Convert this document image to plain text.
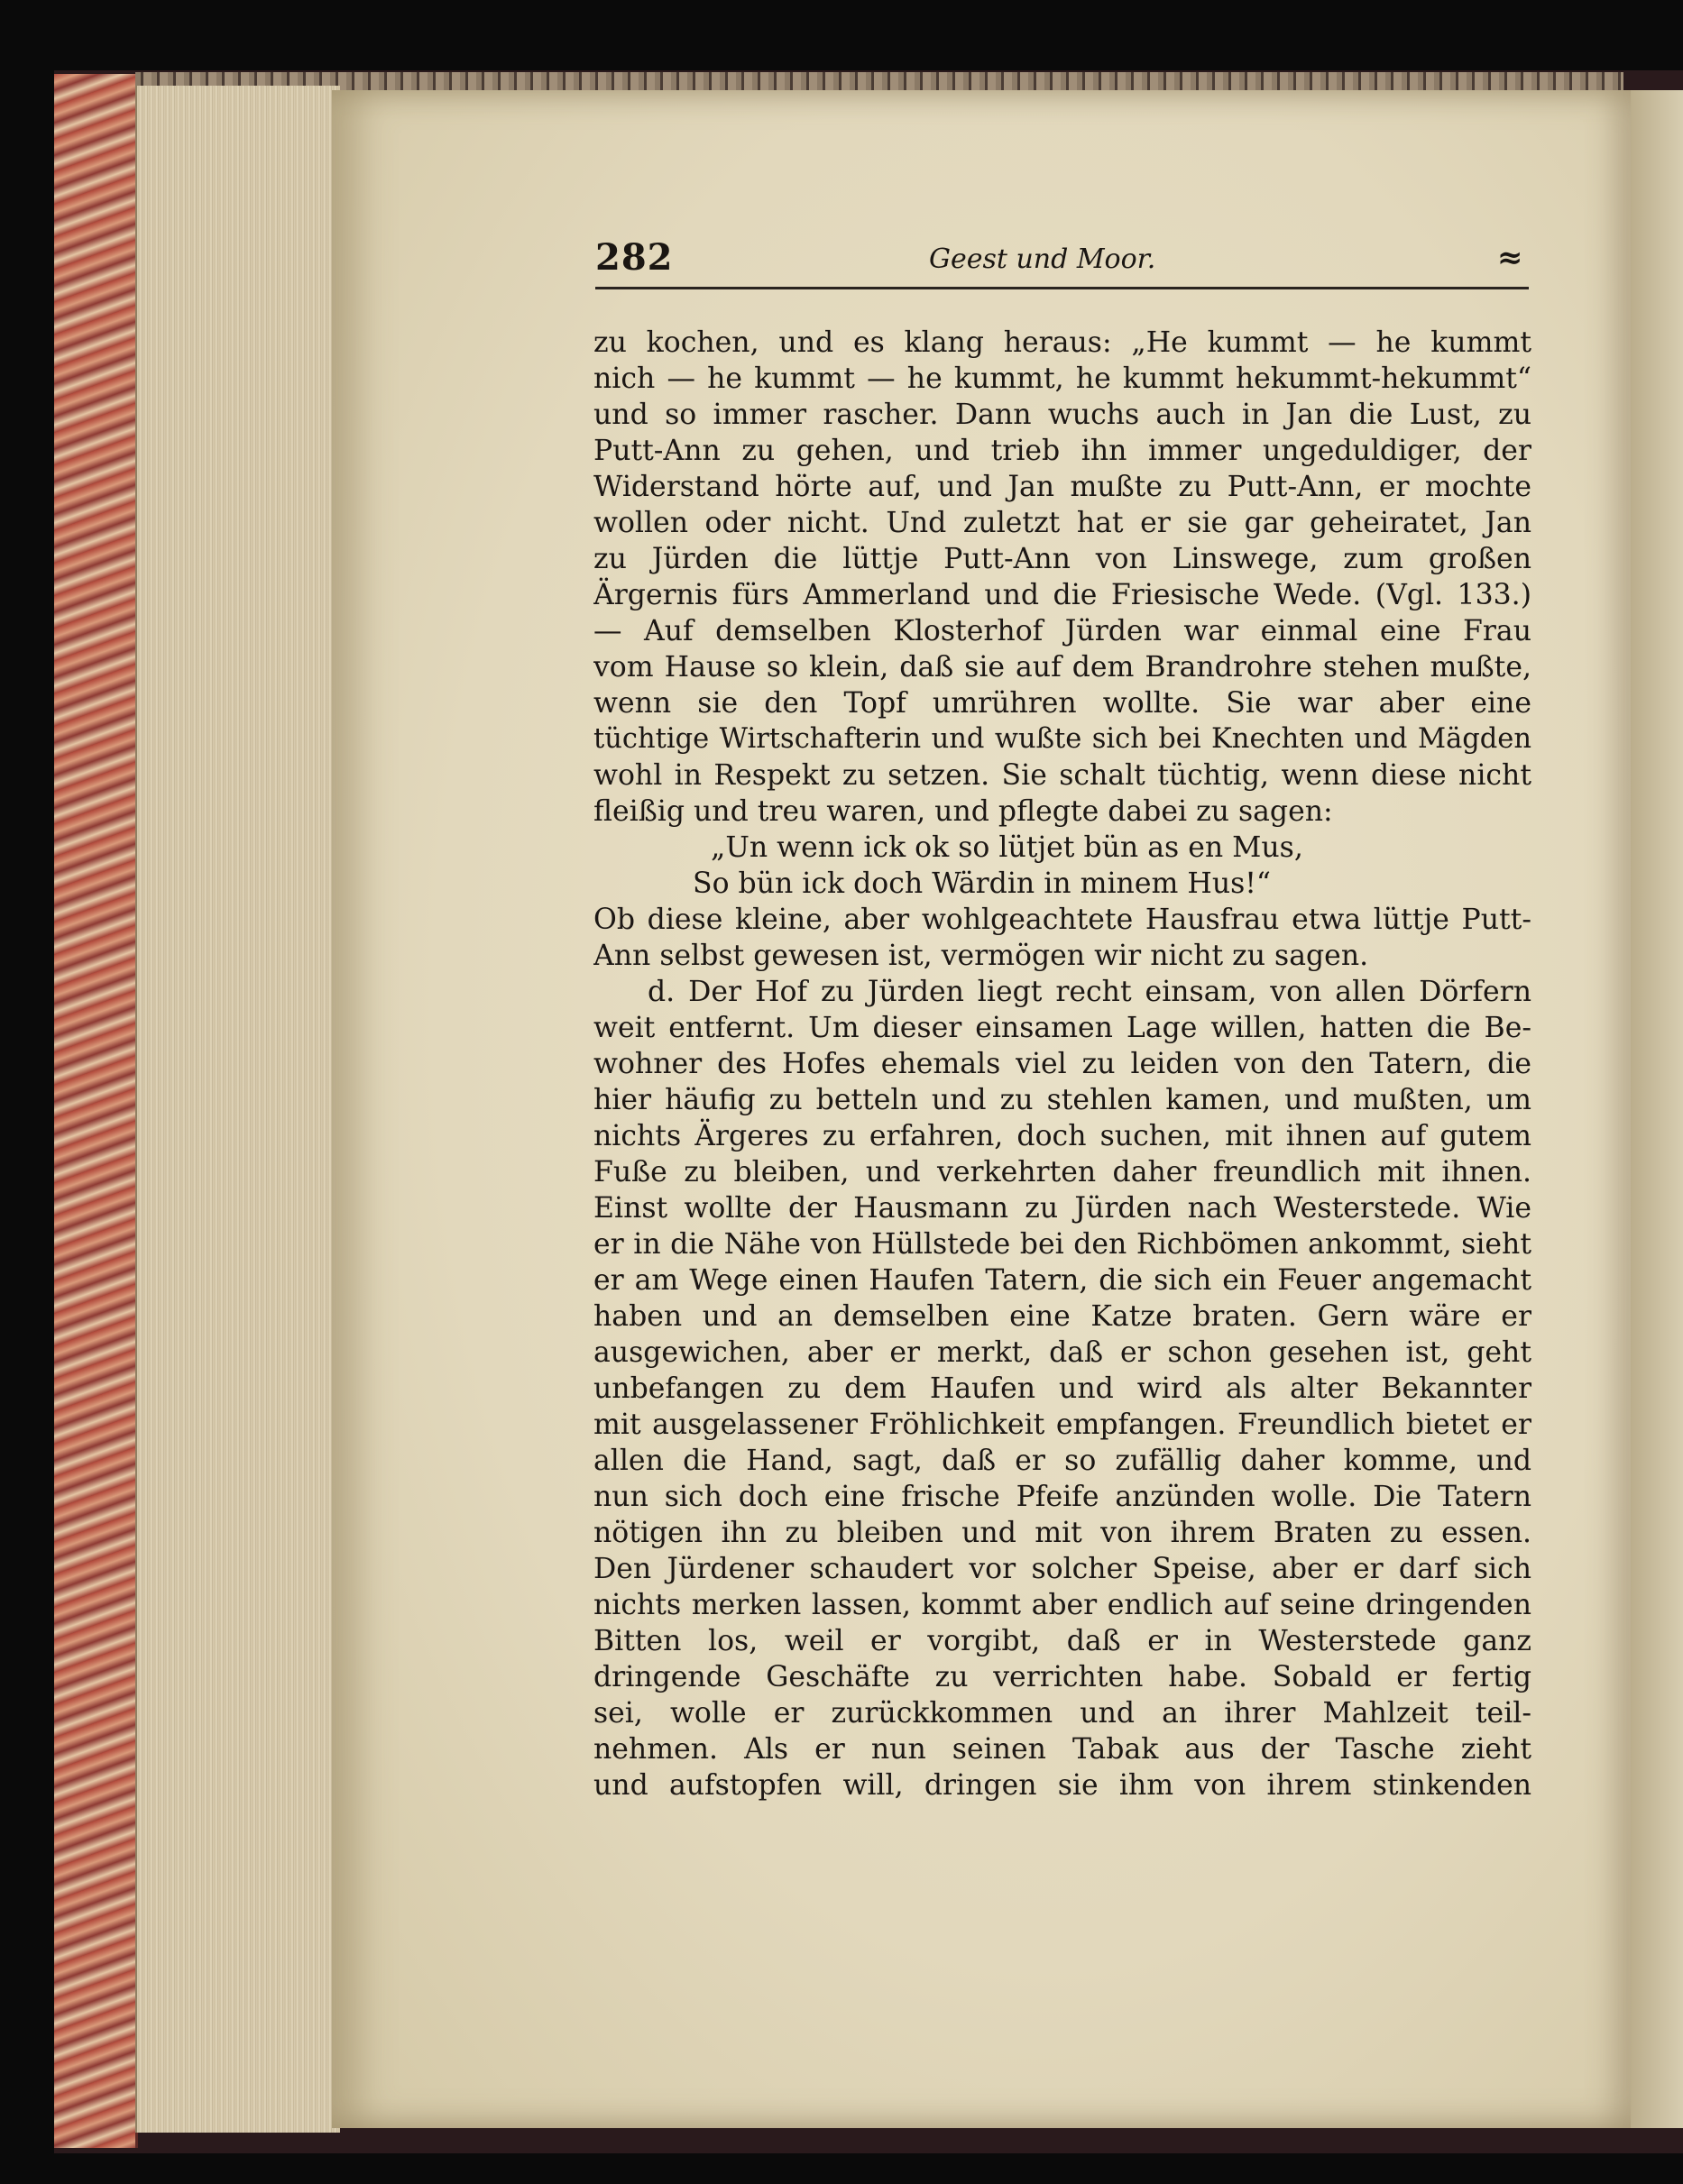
282	Geest und Moor.	≈
zu kochen, und es klang heraus: „He kummt — he kummt
nich — he kummt — he kummt, he kummt hekummt-hekummt“
und so immer rascher. Dann wuchs auch in Jan die Lust, zu
Putt-Ann zu gehen, und trieb ihn immer ungeduldiger, der
Widerstand hörte auf, und Jan mußte zu Putt-Ann, er mochte
wollen oder nicht. Und zuletzt hat er sie gar geheiratet, Jan
zu Jürden die lüttje Putt-Ann von Linswege, zum großen
Ärgernis fürs Ammerland und die Friesische Wede. (Vgl. 133.)
— Auf demselben Klosterhof Jürden war einmal eine Frau
vom Hause so klein, daß sie auf dem Brandrohre stehen mußte,
wenn sie den Topf umrühren wollte. Sie war aber eine
tüchtige Wirtschafterin und wußte sich bei Knechten und Mägden
wohl in Respekt zu setzen. Sie schalt tüchtig, wenn diese nicht
fleißig und treu waren, und pflegte dabei zu sagen:
„Un wenn ick ok so lütjet bün as en Mus,
So bün ick doch Wärdin in minem Hus!“
Ob diese kleine, aber wohlgeachtete Hausfrau etwa lüttje Putt-
Ann selbst gewesen ist, vermögen wir nicht zu sagen.
d. Der Hof zu Jürden liegt recht einsam, von allen Dörfern
weit entfernt. Um dieser einsamen Lage willen, hatten die Be-
wohner des Hofes ehemals viel zu leiden von den Tatern, die
hier häufig zu betteln und zu stehlen kamen, und mußten, um
nichts Ärgeres zu erfahren, doch suchen, mit ihnen auf gutem
Fuße zu bleiben, und verkehrten daher freundlich mit ihnen.
Einst wollte der Hausmann zu Jürden nach Westerstede. Wie
er in die Nähe von Hüllstede bei den Richbömen ankommt, sieht
er am Wege einen Haufen Tatern, die sich ein Feuer angemacht
haben und an demselben eine Katze braten. Gern wäre er
ausgewichen, aber er merkt, daß er schon gesehen ist, geht
unbefangen zu dem Haufen und wird als alter Bekannter
mit ausgelassener Fröhlichkeit empfangen. Freundlich bietet er
allen die Hand, sagt, daß er so zufällig daher komme, und
nun sich doch eine frische Pfeife anzünden wolle. Die Tatern
nötigen ihn zu bleiben und mit von ihrem Braten zu essen.
Den Jürdener schaudert vor solcher Speise, aber er darf sich
nichts merken lassen, kommt aber endlich auf seine dringenden
Bitten los, weil er vorgibt, daß er in Westerstede ganz
dringende Geschäfte zu verrichten habe. Sobald er fertig
sei, wolle er zurückkommen und an ihrer Mahlzeit teil-
nehmen. Als er nun seinen Tabak aus der Tasche zieht
und aufstopfen will, dringen sie ihm von ihrem stinkenden
